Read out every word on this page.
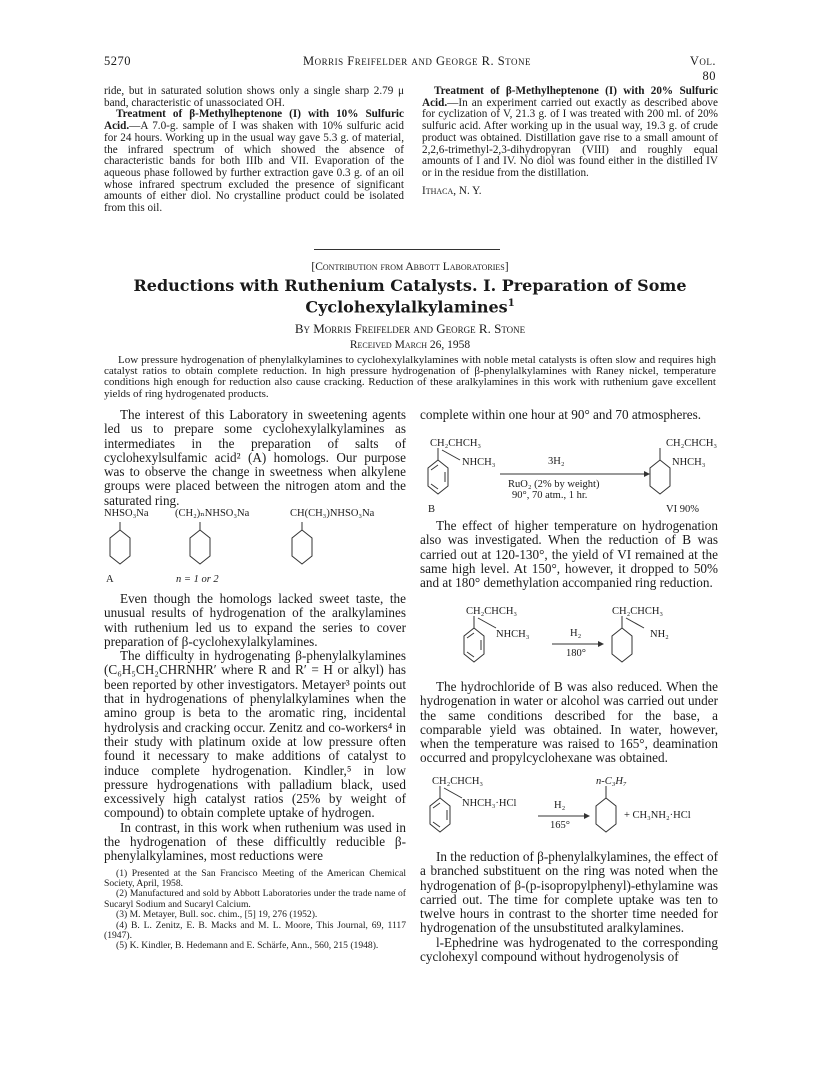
5270	Morris Freifelder and George R. Stone	Vol. 80

ride, but in saturated solution shows only a single sharp 2.79 μ band, characteristic of unassociated OH.

Treatment of β-Methylheptenone (I) with 10% Sulfuric Acid.—A 7.0-g. sample of I was shaken with 10% sulfuric acid for 24 hours. Working up in the usual way gave 5.3 g. of material, the infrared spectrum of which showed the absence of characteristic bands for both IIIb and VII. Evaporation of the aqueous phase followed by further extraction gave 0.3 g. of an oil whose infrared spectrum excluded the presence of significant amounts of either diol. No crystalline product could be isolated from this oil.

Treatment of β-Methylheptenone (I) with 20% Sulfuric Acid.—In an experiment carried out exactly as described above for cyclization of V, 21.3 g. of I was treated with 200 ml. of 20% sulfuric acid. After working up in the usual way, 19.3 g. of crude product was obtained. Distillation gave rise to a small amount of 2,2,6-trimethyl-2,3-dihydropyran (VIII) and roughly equal amounts of I and IV. No diol was found either in the distilled IV or in the residue from the distillation.

Ithaca, N. Y.
[Contribution from Abbott Laboratories]
Reductions with Ruthenium Catalysts. I. Preparation of Some
Cyclohexylalkylamines$^1$
By Morris Freifelder and George R. Stone
Received March 26, 1958

Low pressure hydrogenation of phenylalkylamines to cyclohexylalkylamines with noble metal catalysts is often slow and requires high catalyst ratios to obtain complete reduction. In high pressure hydrogenation of β-phenylalkylamines with Raney nickel, temperature conditions high enough for reduction also cause cracking. Reduction of these aralkylamines in this work with ruthenium gave excellent yields of ring hydrogenated products.

The interest of this Laboratory in sweetening agents led us to prepare some cyclohexylalkylamines as intermediates in the preparation of salts of cyclohexylsulfamic acid² (A) homologs. Our purpose was to observe the change in sweetness when alkylene groups were placed between the nitrogen atom and the saturated ring.

NHSO₃Na	(CH₂)ₙNHSO₃Na	CH(CH₃)NHSO₃Na
A	n = 1 or 2

Even though the homologs lacked sweet taste, the unusual results of hydrogenation of the aralkylamines with ruthenium led us to expand the series to cover preparation of β-cyclohexylalkylamines.

The difficulty in hydrogenating β-phenylalkylamines (C₆H₅CH₂CHRNHR′ where R and R′ = H or alkyl) has been reported by other investigators. Metayer³ points out that in hydrogenations of phenylalkylamines when the amino group is beta to the aromatic ring, incidental hydrolysis and cracking occur. Zenitz and co-workers⁴ in their study with platinum oxide at low pressure often found it necessary to make additions of catalyst to induce complete hydrogenation. Kindler,⁵ in low pressure hydrogenations with palladium black, used excessively high catalyst ratios (25% by weight of compound) to obtain complete uptake of hydrogen.

In contrast, in this work when ruthenium was used in the hydrogenation of these difficultly reducible β-phenylalkylamines, most reductions were

(1) Presented at the San Francisco Meeting of the American Chemical Society, April, 1958.

(2) Manufactured and sold by Abbott Laboratories under the trade name of Sucaryl Sodium and Sucaryl Calcium.

(3) M. Metayer, Bull. soc. chim., [5] 19, 276 (1952).

(4) B. L. Zenitz, E. B. Macks and M. L. Moore, This Journal, 69, 1117 (1947).

(5) K. Kindler, B. Hedemann and E. Schärfe, Ann., 560, 215 (1948).

complete within one hour at 90° and 70 atmospheres.

CH₂CHCH₃
NHCH₃	3H₂
RuO₂ (2% by weight)
90°, 70 atm., 1 hr.
CH₂CHCH₃
NHCH₃
B	VI 90%

The effect of higher temperature on hydrogenation also was investigated. When the reduction of B was carried out at 120-130°, the yield of VI remained at the same high level. At 150°, however, it dropped to 50% and at 180° demethylation accompanied ring reduction.

CH₂CHCH₃
NHCH₃	H₂
180°
CH₂CHCH₃
NH₂

The hydrochloride of B was also reduced. When the hydrogenation in water or alcohol was carried out under the same conditions described for the base, a comparable yield was obtained. In water, however, when the temperature was raised to 165°, deamination occurred and propylcyclohexane was obtained.

CH₂CHCH₃
NHCH₃·HCl	H₂
165°
n-C₃H₇
+ CH₃NH₂·HCl

In the reduction of β-phenylalkylamines, the effect of a branched substituent on the ring was noted when the hydrogenation of β-(p-isopropylphenyl)-ethylamine was carried out. The time for complete uptake was ten to twelve hours in contrast to the shorter time needed for hydrogenation of the unsubstituted aralkylamines.

l-Ephedrine was hydrogenated to the corresponding cyclohexyl compound without hydrogenolysis of
